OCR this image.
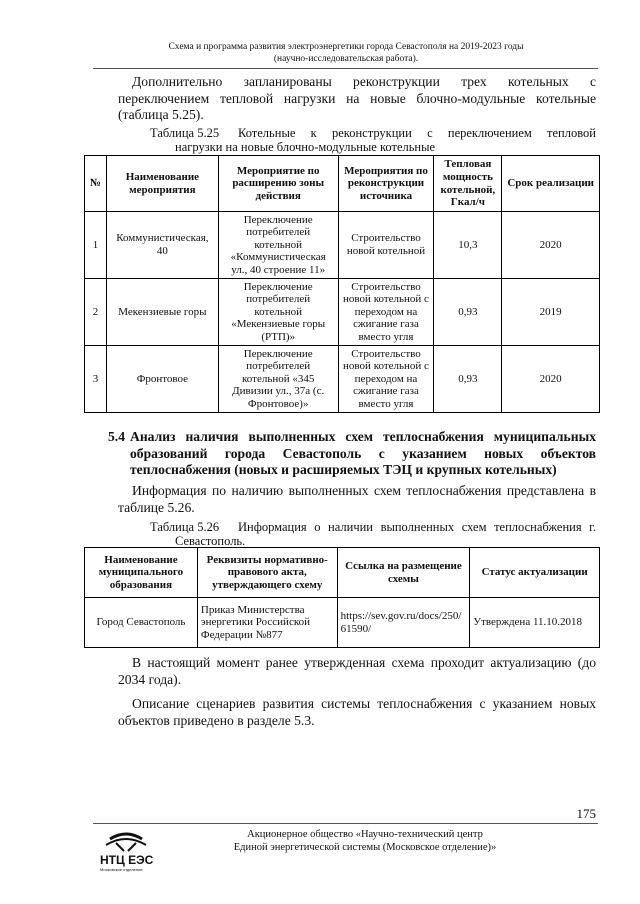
Схема и программа развития электроэнергетики города Севастополя на 2019-2023 годы
(научно-исследовательская работа).
Дополнительно запланированы реконструкции трех котельных с переключением тепловой нагрузки на новые блочно-модульные котельные (таблица 5.25).
Таблица 5.25	Котельные к реконструкции с переключением тепловой
нагрузки на новые блочно-модульные котельные
№	Наименование мероприятия	Мероприятие по расширению зоны действия	Мероприятия по реконструкции источника	Тепловая мощность котельной, Гкал/ч	Срок реализации
1	Коммунистическая, 40	Переключение потребителей котельной «Коммунистическая ул., 40 строение 11»	Строительство новой котельной	10,3	2020
2	Мекензиевые горы	Переключение потребителей котельной «Мекензиевые горы (РТП)»	Строительство новой котельной с переходом на сжигание газа вместо угля	0,93	2019
3	Фронтовое	Переключение потребителей котельной «345 Дивизии ул., 37а (с. Фронтовое)»	Строительство новой котельной с переходом на сжигание газа вместо угля	0,93	2020
5.4 Анализ наличия выполненных схем теплоснабжения муниципальных образований города Севастополь с указанием новых объектов теплоснабжения (новых и расширяемых ТЭЦ и крупных котельных)
Информация по наличию выполненных схем теплоснабжения представлена в таблице 5.26.
Таблица 5.26	Информация о наличии выполненных схем теплоснабжения г.
Севастополь.
Наименование муниципального образования	Реквизиты нормативно-правового акта, утверждающего схему	Ссылка на размещение схемы	Статус актуализации
Город Севастополь	Приказ Министерства энергетики Российской Федерации №877	https://sev.gov.ru/docs/250/61590/	Утверждена 11.10.2018
В настоящий момент ранее утвержденная схема проходит актуализацию (до 2034 года).
Описание сценариев развития системы теплоснабжения с указанием новых объектов приведено в разделе 5.3.
175
НТЦ ЕЭС
Московское отделение
Акционерное общество «Научно-технический центр
Единой энергетической системы (Московское отделение)»
